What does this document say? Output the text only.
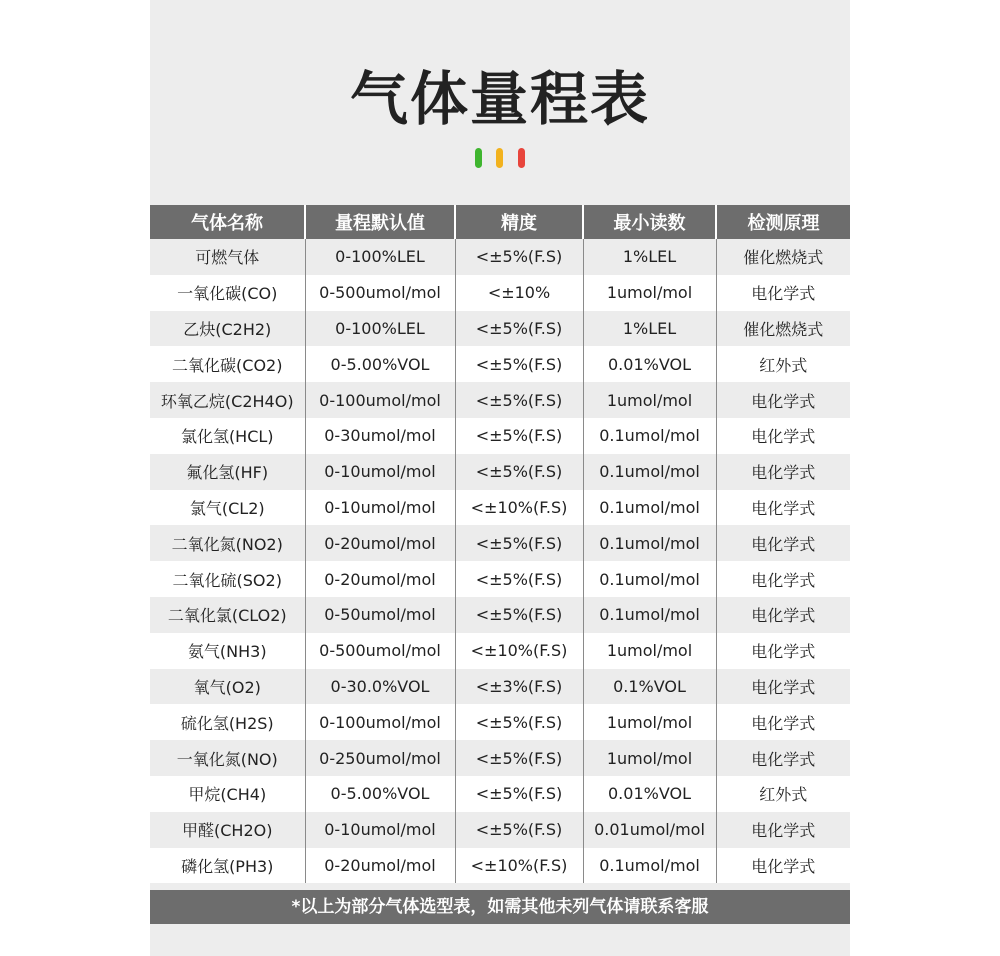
气体量程表
气体名称	量程默认值	精度	最小读数	检测原理
可燃气体	0-100%LEL	<±5%(F.S)	1%LEL	催化燃烧式
一氧化碳(CO)	0-500umol/mol	<±10%	1umol/mol	电化学式
乙炔(C2H2)	0-100%LEL	<±5%(F.S)	1%LEL	催化燃烧式
二氧化碳(CO2)	0-5.00%VOL	<±5%(F.S)	0.01%VOL	红外式
环氧乙烷(C2H4O)	0-100umol/mol	<±5%(F.S)	1umol/mol	电化学式
氯化氢(HCL)	0-30umol/mol	<±5%(F.S)	0.1umol/mol	电化学式
氟化氢(HF)	0-10umol/mol	<±5%(F.S)	0.1umol/mol	电化学式
氯气(CL2)	0-10umol/mol	<±10%(F.S)	0.1umol/mol	电化学式
二氧化氮(NO2)	0-20umol/mol	<±5%(F.S)	0.1umol/mol	电化学式
二氧化硫(SO2)	0-20umol/mol	<±5%(F.S)	0.1umol/mol	电化学式
二氧化氯(CLO2)	0-50umol/mol	<±5%(F.S)	0.1umol/mol	电化学式
氨气(NH3)	0-500umol/mol	<±10%(F.S)	1umol/mol	电化学式
氧气(O2)	0-30.0%VOL	<±3%(F.S)	0.1%VOL	电化学式
硫化氢(H2S)	0-100umol/mol	<±5%(F.S)	1umol/mol	电化学式
一氧化氮(NO)	0-250umol/mol	<±5%(F.S)	1umol/mol	电化学式
甲烷(CH4)	0-5.00%VOL	<±5%(F.S)	0.01%VOL	红外式
甲醛(CH2O)	0-10umol/mol	<±5%(F.S)	0.01umol/mol	电化学式
磷化氢(PH3)	0-20umol/mol	<±10%(F.S)	0.1umol/mol	电化学式
*以上为部分气体选型表，如需其他未列气体请联系客服
